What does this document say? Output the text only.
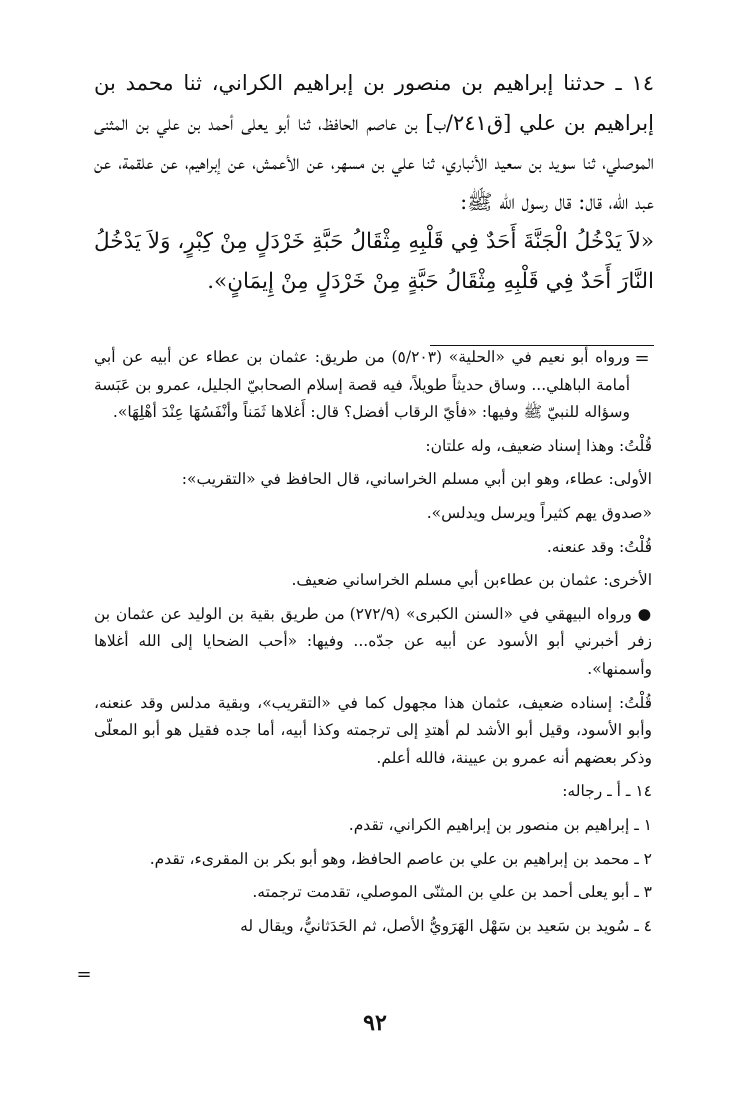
١٤ ـ حدثنا إبراهيم بن منصور بن إبراهيم الكراني، ثنا محمد بن إبراهيم بن علي [ق٢٤١/ب] بن عاصم الحافظ، ثنا أبو يعلى أحمد بن علي بن المثنى الموصلي، ثنا سويد بن سعيد الأنباري، ثنا علي بن مسهر، عن الأعمش، عن إبراهيم، عن علقمة، عن عبد الله، قال: قال رسول الله ﷺ:

«لاَ يَدْخُلُ الْجَنَّةَ أَحَدٌ فِي قَلْبِهِ مِثْقَالُ حَبَّةِ خَرْدَلٍ مِنْ كِبْرٍ، وَلاَ يَدْخُلُ النَّارَ أَحَدٌ فِي قَلْبِهِ مِثْقَالُ حَبَّةٍ مِنْ خَرْدَلٍ مِنْ إِيمَانٍ».

=

ورواه أبو نعيم في «الحلية» (٥/٢٠٣) من طريق: عثمان بن عطاء عن أبيه عن أبي أمامة الباهلي... وساق حديثاً طويلاً، فيه قصة إسلام الصحابيّ الجليل، عمرو بن عَبَسة وسؤاله للنبيّ ﷺ وفيها: «فأيّ الرقاب أفضل؟ قال: أَغلاها ثَمَناً وأنْفَسُهَا عِنْدَ أهْلِهَا».

قُلْتُ: وهذا إسناد ضعيف، وله علتان:

الأولى: عطاء، وهو ابن أبي مسلم الخراساني، قال الحافظ في «التقريب»:

«صدوق يهم كثيراً ويرسل ويدلس».

قُلْتُ: وقد عنعنه.

الأخرى: عثمان بن عطاءبن أبي مسلم الخراساني ضعيف.

● ورواه البيهقي في «السنن الكبرى» (٢٧٢/٩) من طريق بقية بن الوليد عن عثمان بن زفر أخبرني أبو الأسود عن أبيه عن جدّه... وفيها: «أحب الضحايا إلى الله أغلاها وأسمنها».

قُلْتُ: إسناده ضعيف، عثمان هذا مجهول كما في «التقريب»، وبقية مدلس وقد عنعنه، وأبو الأسود، وقيل أبو الأشد لم أهتدِ إلى ترجمته وكذا أبيه، أما جده فقيل هو أبو المعلّى وذكر بعضهم أنه عمرو بن عيينة، فالله أعلم.

١٤ ـ أ ـ رجاله:

١ ـ إبراهيم بن منصور بن إبراهيم الكراني، تقدم.

٢ ـ محمد بن إبراهيم بن علي بن عاصم الحافظ، وهو أبو بكر بن المقرىء، تقدم.

٣ ـ أبو يعلى أحمد بن علي بن المثنّى الموصلي، تقدمت ترجمته.

٤ ـ سُويد بن سَعيد بن سَهْل الهَرَويُّ الأصل، ثم الحَدَثانيُّ، ويقال له

=
٩٢
